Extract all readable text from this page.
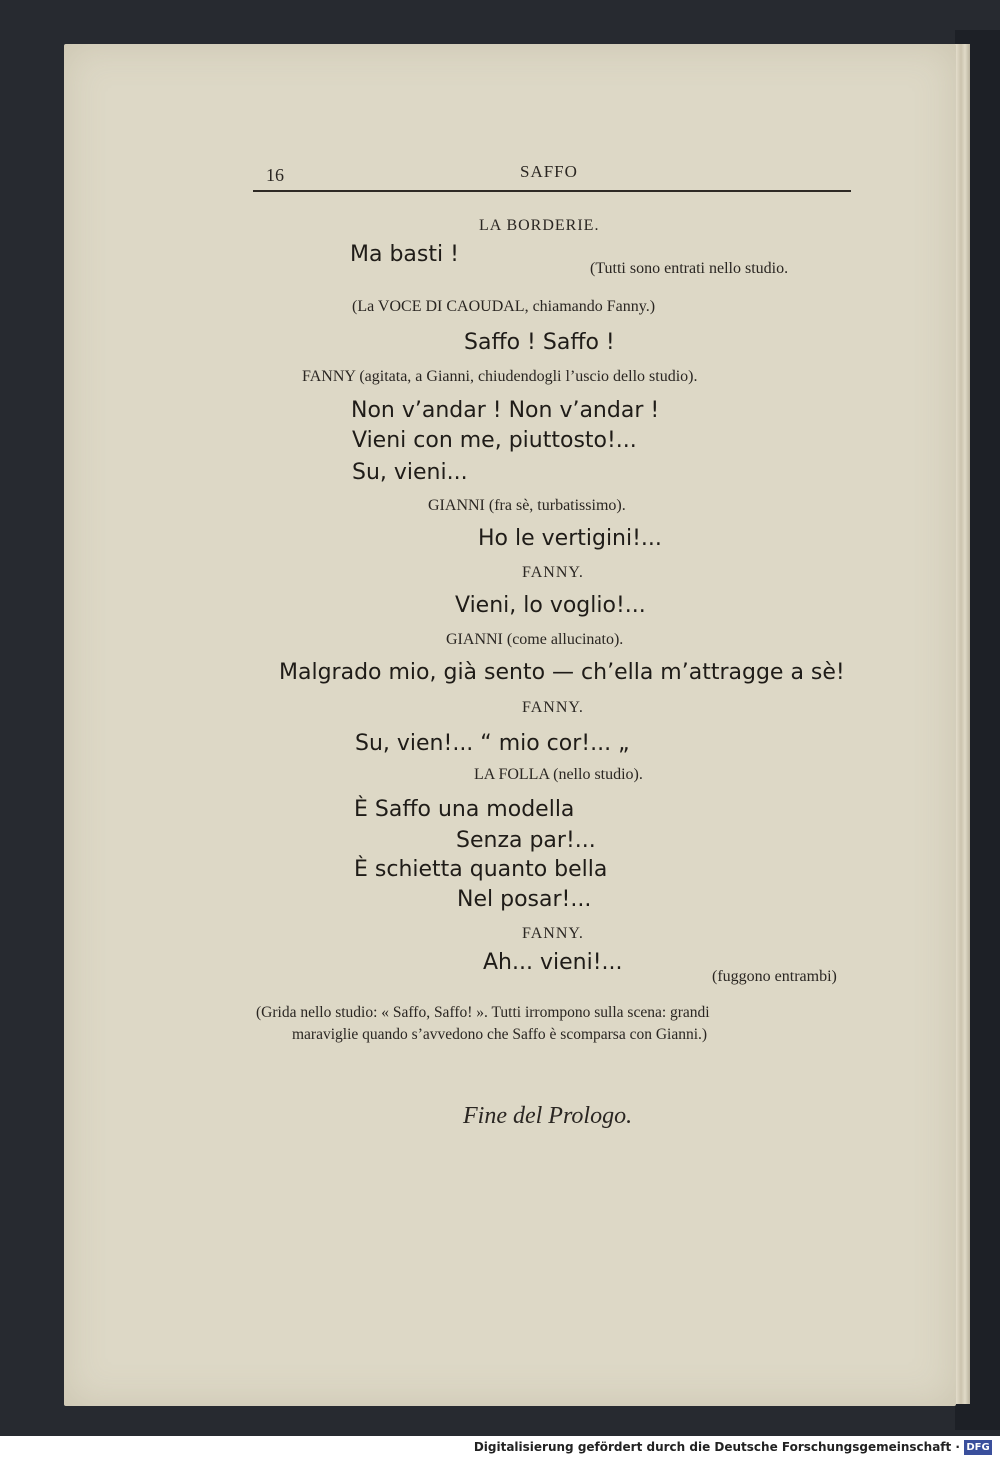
16	SAFFO
LA BORDERIE.
Ma basti !
(Tutti sono entrati nello studio.
(La VOCE DI CAOUDAL, chiamando Fanny.)
Saffo ! Saffo !
FANNY (agitata, a Gianni, chiudendogli l’uscio dello studio).
Non v’andar ! Non v’andar !
Vieni con me, piuttosto!...
Su, vieni...
GIANNI (fra sè, turbatissimo).
Ho le vertigini!...
FANNY.
Vieni, lo voglio!...
GIANNI (come allucinato).
Malgrado mio, già sento — ch’ella m’attragge a sè!
FANNY.
Su, vien!... “ mio cor!... „
LA FOLLA (nello studio).
È Saffo una modella
Senza par!...
È schietta quanto bella
Nel posar!...
FANNY.
Ah... vieni!...
(fuggono entrambi)
(Grida nello studio: « Saffo, Saffo! ». Tutti irrompono sulla scena: grandi
maraviglie quando s’avvedono che Saffo è scomparsa con Gianni.)
Fine del Prologo.
Digitalisierung gefördert durch die Deutsche Forschungsgemeinschaft · DFG
